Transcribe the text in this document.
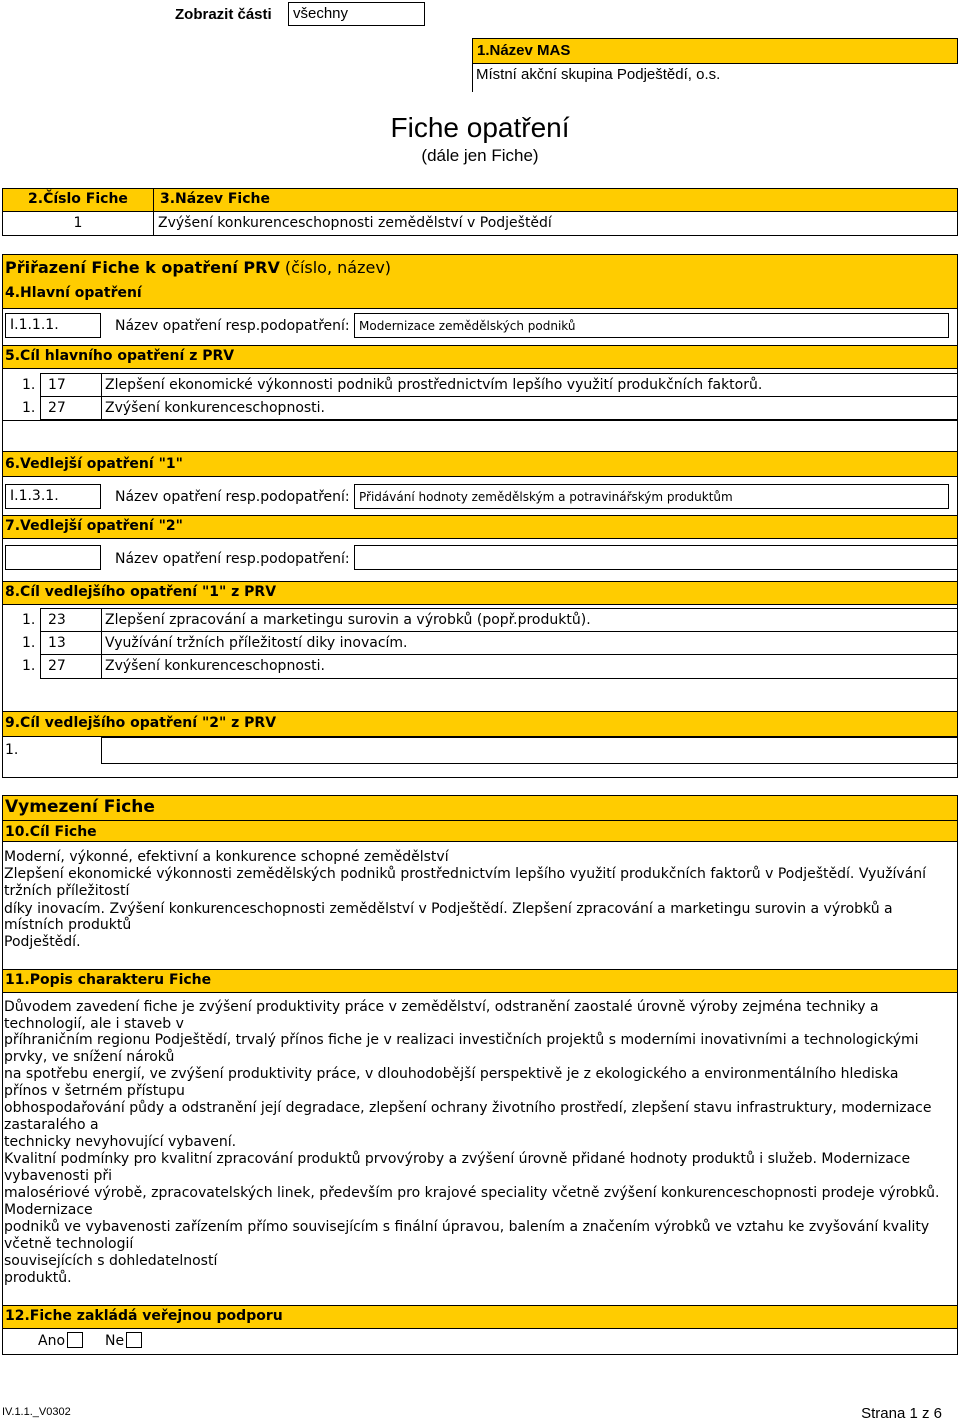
Zobrazit části	všechny
1.Název MAS
Místní akční skupina Podještědí, o.s.
Fiche opatření
(dále jen Fiche)
2.Číslo Fiche	3.Název Fiche
1	Zvýšení konkurenceschopnosti zemědělství v Podještědí
Přiřazení Fiche k opatření PRV (číslo, název)
4.Hlavní opatření
I.1.1.1.	Název opatření resp.podopatření: Modernizace zemědělských podniků
5.Cíl hlavního opatření z PRV
1. 17	Zlepšení ekonomické výkonnosti podniků prostřednictvím lepšího využití produkčních faktorů.
1. 27	Zvýšení konkurenceschopnosti.
6.Vedlejší opatření "1"
I.1.3.1.	Název opatření resp.podopatření: Přidávání hodnoty zemědělským a potravinářským produktům
7.Vedlejší opatření "2"
Název opatření resp.podopatření:
8.Cíl vedlejšího opatření "1" z PRV
1. 23	Zlepšení zpracování a marketingu surovin a výrobků (popř.produktů).
1. 13	Využívání tržních příležitostí diky inovacím.
1. 27	Zvýšení konkurenceschopnosti.
9.Cíl vedlejšího opatření "2" z PRV
1.
Vymezení Fiche
10.Cíl Fiche
Moderní, výkonné, efektivní a konkurence schopné zemědělství
Zlepšení ekonomické výkonnosti zemědělských podniků prostřednictvím lepšího využití produkčních faktorů v Podještědí. Využívání
tržních příležitostí
díky inovacím. Zvýšení konkurenceschopnosti zemědělství v Podještědí. Zlepšení zpracování a marketingu surovin a výrobků a
místních produktů
Podještědí.
11.Popis charakteru Fiche
Důvodem zavedení fiche je zvýšení produktivity práce v zemědělství, odstranění zaostalé úrovně výroby zejména techniky a
technologií, ale i staveb v
příhraničním regionu Podještědí, trvalý přínos fiche je v realizaci investičních projektů s moderními inovativními a technologickými
prvky, ve snížení nároků
na spotřebu energií, ve zvýšení produktivity práce, v dlouhodobější perspektivě je z ekologického a environmentálního hlediska
přínos v šetrném přístupu
obhospodařování půdy a odstranění její degradace, zlepšení ochrany životního prostředí, zlepšení stavu infrastruktury, modernizace
zastaralého a
technicky nevyhovující vybavení.
Kvalitní podmínky pro kvalitní zpracování produktů prvovýroby a zvýšení úrovně přidané hodnoty produktů i služeb. Modernizace
vybavenosti při
malosériové výrobě, zpracovatelských linek, především pro krajové speciality včetně zvýšení konkurenceschopnosti prodeje výrobků.
Modernizace
podniků ve vybavenosti zařízením přímo souvisejícím s finální úpravou, balením a značením výrobků ve vztahu ke zvyšování kvality
včetně technologií
souvisejících s dohledatelností
produktů.
12.Fiche zakládá veřejnou podporu
Ano	Ne
IV.1.1._V0302	Strana 1 z 6
